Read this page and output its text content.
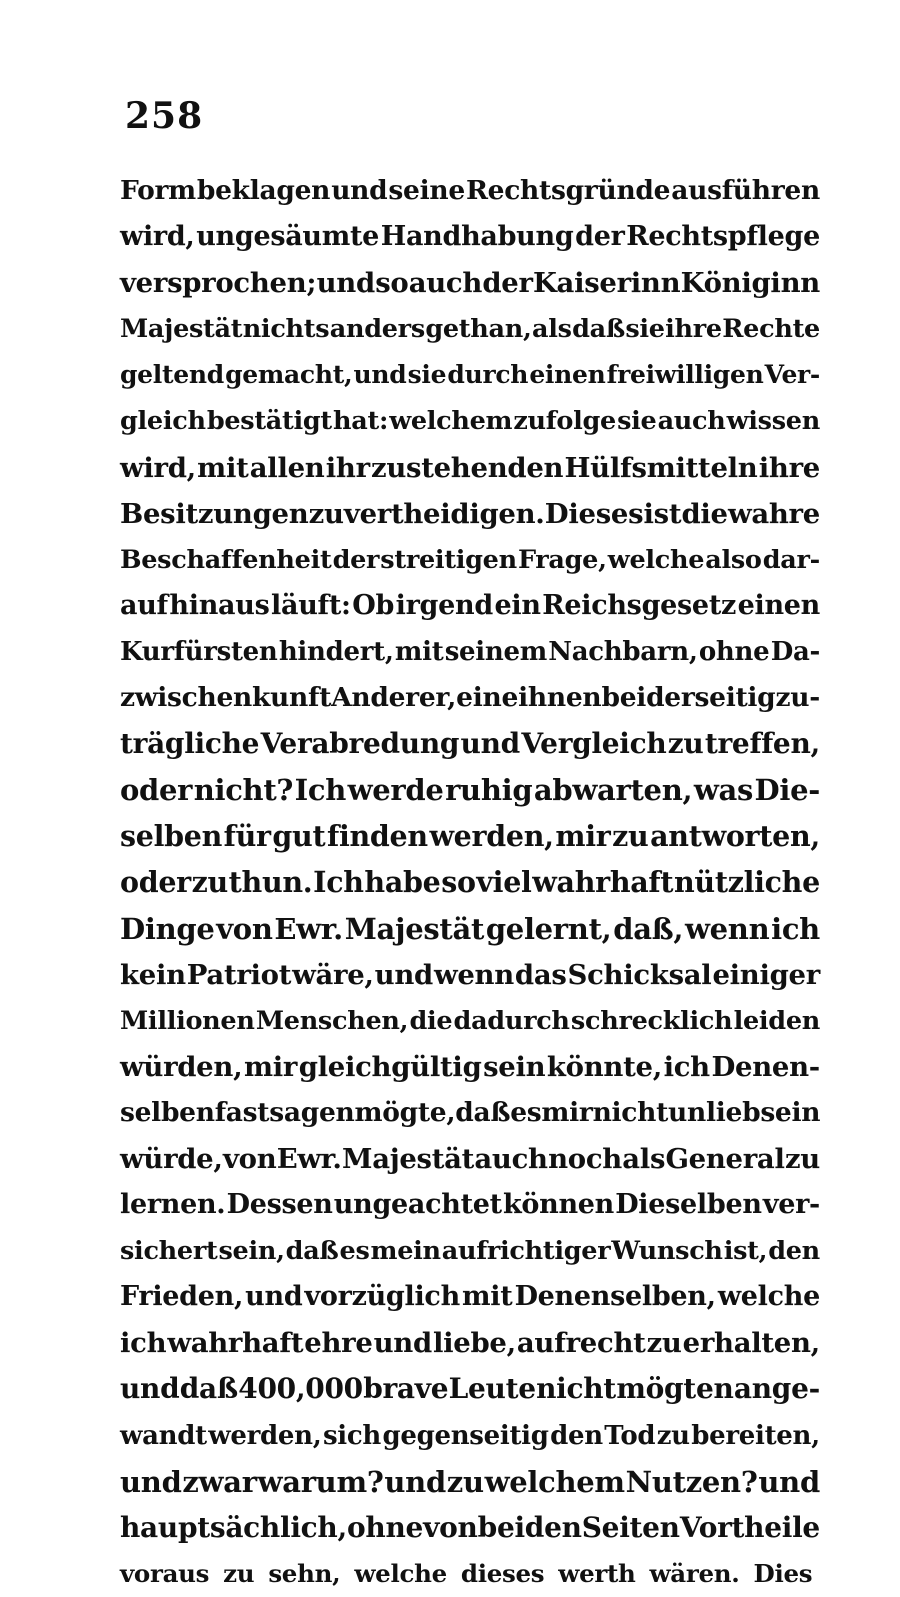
258
Form beklagen und seine Rechtsgründe ausführen
wird, ungesäumte Handhabung der Rechtspflege
versprochen; und so auch der Kaiserinn Königinn
Majestät nichts anders gethan, als daß sie ihre Rechte
geltend gemacht, und sie durch einen freiwilligen Ver-
gleich bestätigt hat: welchem zufolge sie auch wissen
wird, mit allen ihr zustehenden Hülfsmitteln ihre
Besitzungen zu vertheidigen. Dieses ist die wahre
Beschaffenheit der streitigen Frage, welche also dar-
auf hinaus läuft: Ob irgend ein Reichsgesetz einen
Kurfürsten hindert, mit seinem Nachbarn, ohne Da-
zwischenkunft Anderer, eine ihnen beiderseitig zu-
trägliche Verabredung und Vergleich zu treffen,
oder nicht? Ich werde ruhig abwarten, was Die-
selben für gut finden werden, mir zu antworten,
oder zu thun. Ich habe so viel wahrhaft nützliche
Dinge von Ewr. Majestät gelernt, daß, wenn ich
kein Patriot wäre, und wenn das Schicksal einiger
Millionen Menschen, die dadurch schrecklich leiden
würden, mir gleichgültig sein könnte, ich Denen-
selben fast sagen mögte, daß es mir nicht unlieb sein
würde, von Ewr. Majestät auch noch als General zu
lernen. Dessen ungeachtet können Dieselben ver-
sichert sein, daß es mein aufrichtiger Wunsch ist, den
Frieden, und vorzüglich mit Denenselben, welche
ich wahrhaft ehre und liebe, aufrecht zu erhalten,
und daß 400,000 brave Leute nicht mögten ange-
wandt werden, sich gegenseitig den Tod zu bereiten,
und zwar warum? und zu welchem Nutzen? und
hauptsächlich, ohne von beiden Seiten Vortheile
voraus zu sehn, welche dieses werth wären. Dies
